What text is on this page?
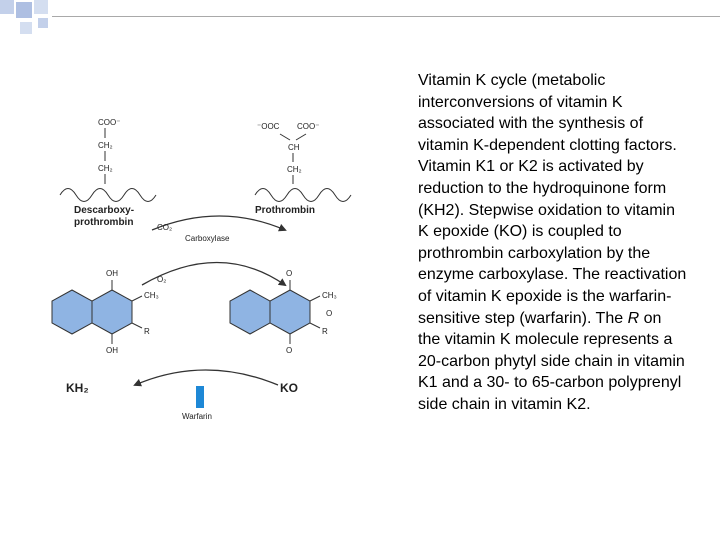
COO⁻
CH₂
CH₂
Descarboxy-
prothrombin
⁻OOC COO⁻
CH
CH₂
Prothrombin
Carboxylase
CO₂
O₂
OH
CH₃
R
OH
KH₂
O
CH₃
O
R
O
KO
Warfarin
Vitamin K cycle (metabolic interconversions of vitamin K associated with the synthesis of vitamin K-dependent clotting factors. Vitamin K1 or K2 is activated by reduction to the hydroquinone form (KH2). Stepwise oxidation to vitamin K epoxide (KO) is coupled to prothrombin carboxylation by the enzyme carboxylase. The reactivation of vitamin K epoxide is the warfarin-sensitive step (warfarin). The R on the vitamin K molecule represents a 20-carbon phytyl side chain in vitamin K1 and a 30- to 65-carbon polyprenyl side chain in vitamin K2.
